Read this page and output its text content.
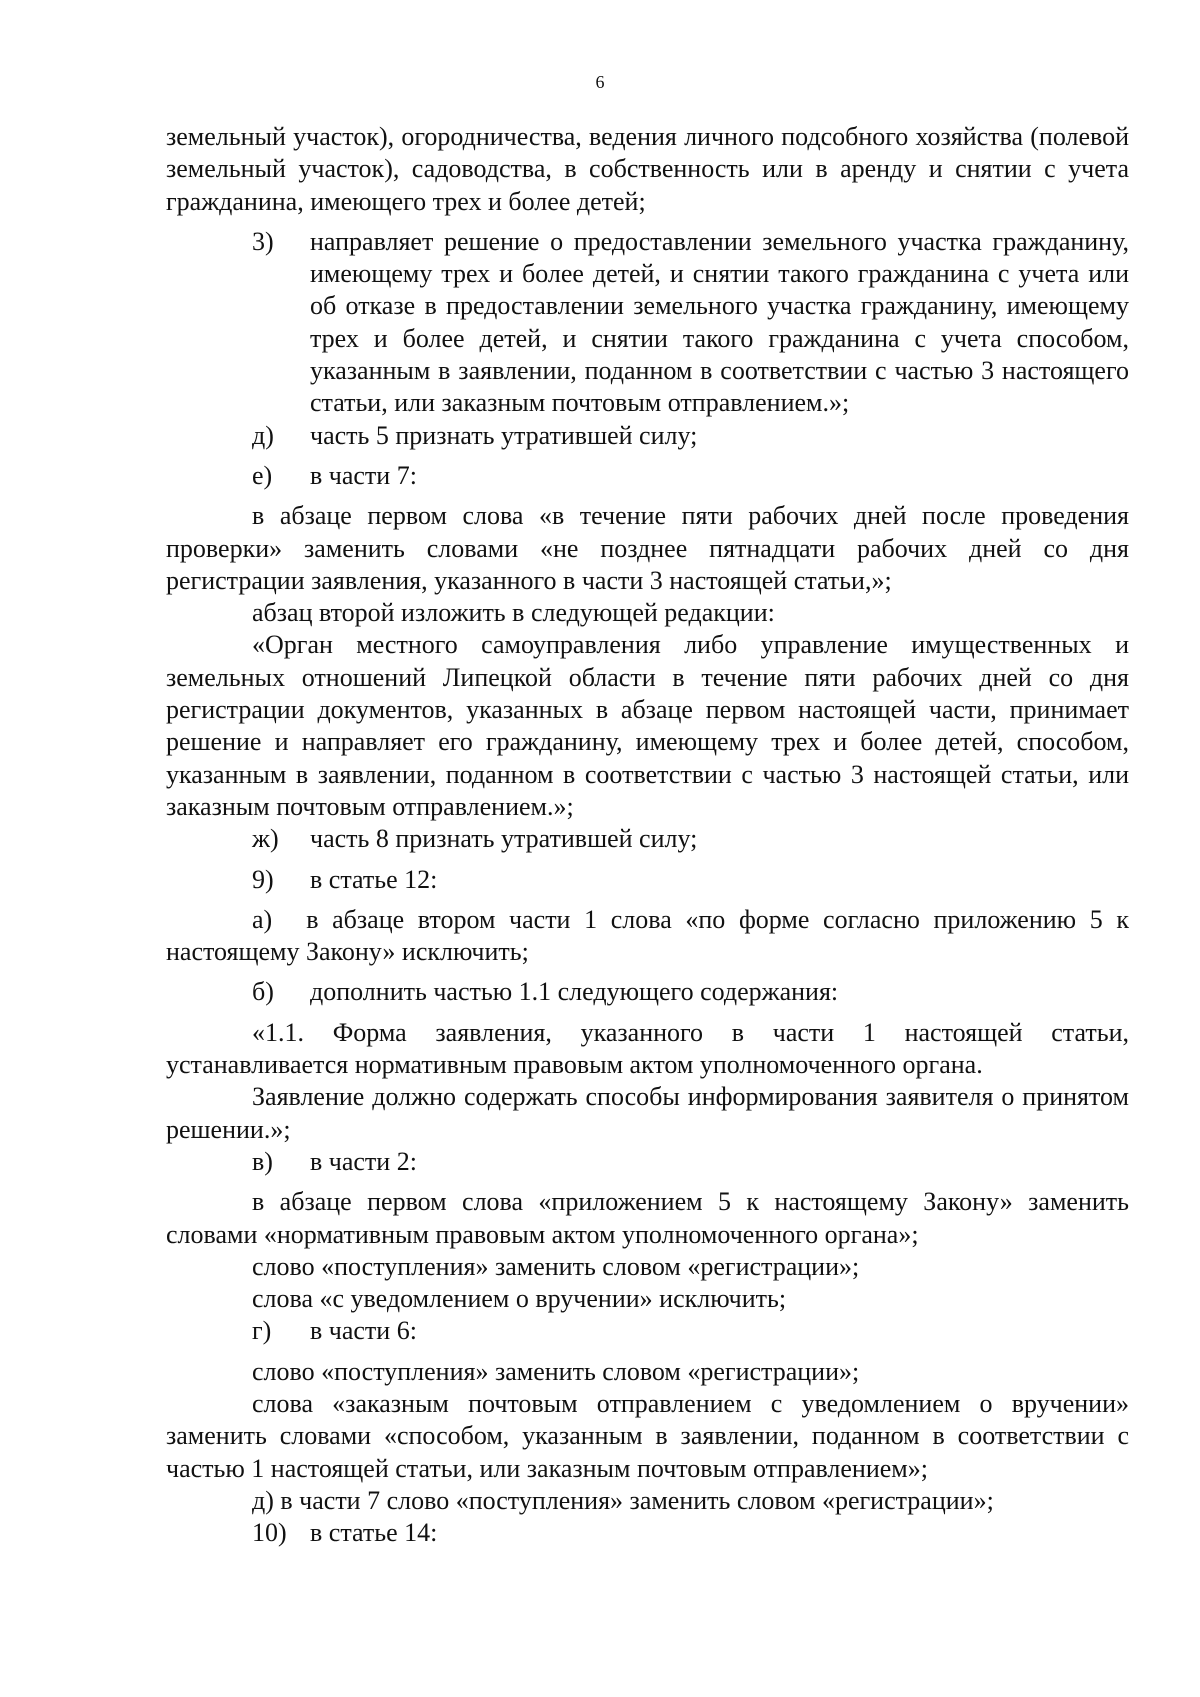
6

земельный участок), огородничества, ведения личного подсобного хозяйства (полевой земельный участок), садоводства, в собственность или в аренду и снятии с учета гражданина, имеющего трех и более детей;

3)	направляет решение о предоставлении земельного участка гражданину, имеющему трех и более детей, и снятии такого гражданина с учета или об отказе в предоставлении земельного участка гражданину, имеющему трех и более детей, и снятии такого гражданина с учета способом, указанным в заявлении, поданном в соответствии с частью 3 настоящего статьи, или заказным почтовым отправлением.»;

д)	часть 5 признать утратившей силу;

е)	в части 7:

в абзаце первом слова «в течение пяти рабочих дней после проведения проверки» заменить словами «не позднее пятнадцати рабочих дней со дня регистрации заявления, указанного в части 3 настоящей статьи,»;

абзац второй изложить в следующей редакции:

«Орган местного самоуправления либо управление имущественных и земельных отношений Липецкой области в течение пяти рабочих дней со дня регистрации документов, указанных в абзаце первом настоящей части, принимает решение и направляет его гражданину, имеющему трех и более детей, способом, указанным в заявлении, поданном в соответствии с частью 3 настоящей статьи, или заказным почтовым отправлением.»;

ж)	часть 8 признать утратившей силу;

9)	в статье 12:

а) в абзаце втором части 1 слова «по форме согласно приложению 5 к настоящему Закону» исключить;

б)	дополнить частью 1.1 следующего содержания:

«1.1. Форма заявления, указанного в части 1 настоящей статьи, устанавливается нормативным правовым актом уполномоченного органа.

Заявление должно содержать способы информирования заявителя о принятом решении.»;

в)	в части 2:

в абзаце первом слова «приложением 5 к настоящему Закону» заменить словами «нормативным правовым актом уполномоченного органа»;

слово «поступления» заменить словом «регистрации»;

слова «с уведомлением о вручении» исключить;

г)	в части 6:

слово «поступления» заменить словом «регистрации»;

слова «заказным почтовым отправлением с уведомлением о вручении» заменить словами «способом, указанным в заявлении, поданном в соответствии с частью 1 настоящей статьи, или заказным почтовым отправлением»;

д) в части 7 слово «поступления» заменить словом «регистрации»;

10) в статье 14:
